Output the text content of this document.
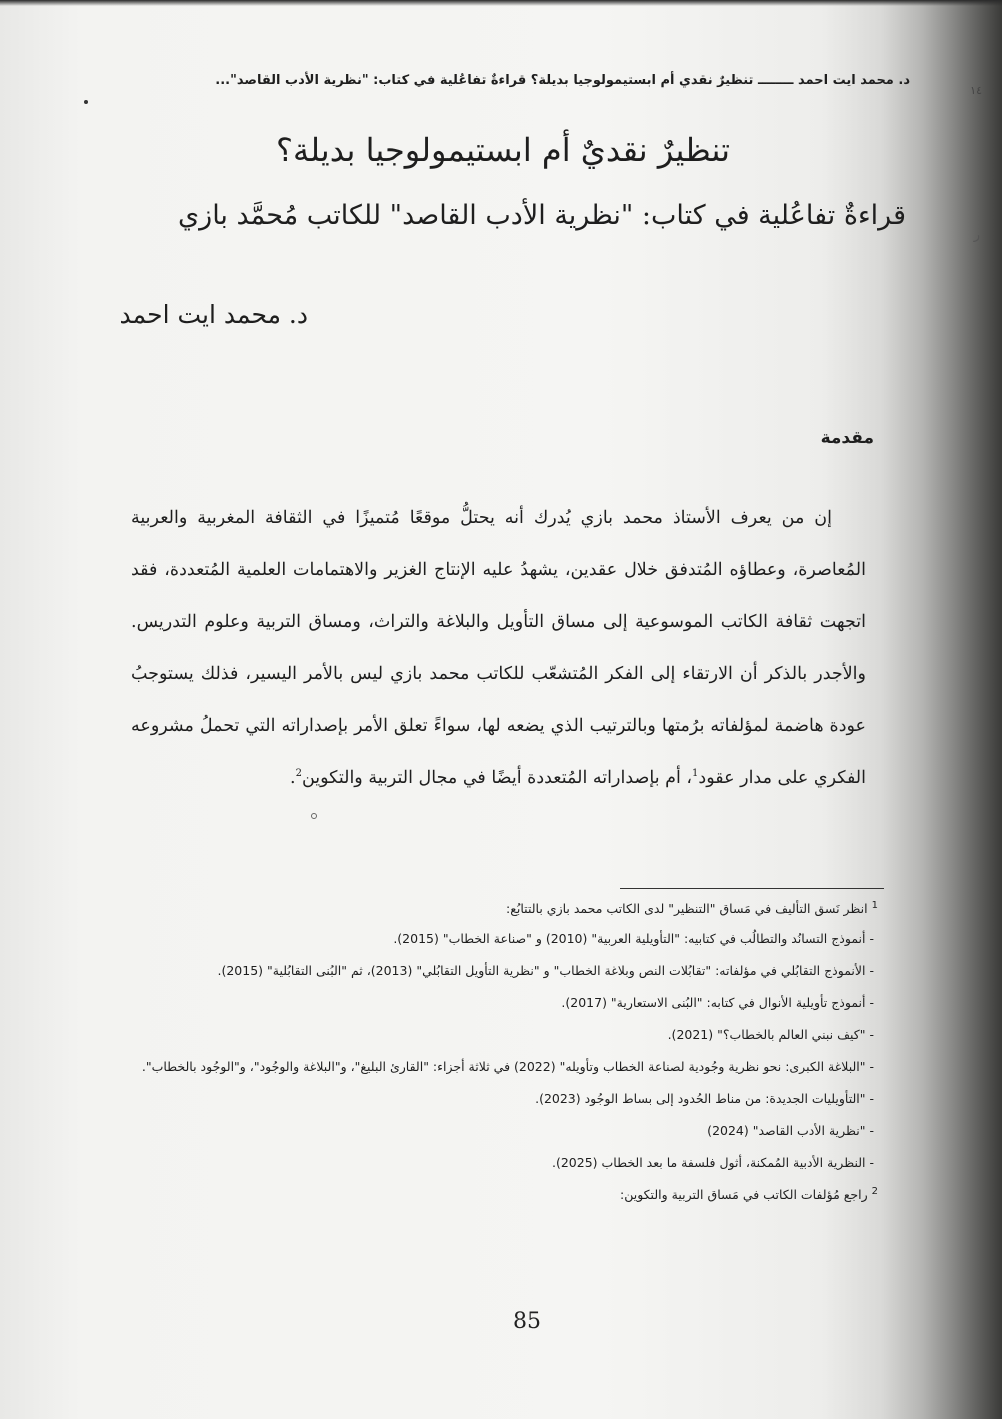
د. محمد ايت احمد ــــــــ تنظيرٌ نقدي أم ابستيمولوجيا بديلة؟ قراءةٌ تفاعُلية في كتاب: "نظرية الأدب القاصد"...
١٤
ر
تنظيرٌ نقديٌ أم ابستيمولوجيا بديلة؟
قراءةٌ تفاعُلية في كتاب: "نظرية الأدب القاصد" للكاتب مُحمَّد بازي
د. محمد ايت احمد
مقدمة

إن من يعرف الأستاذ محمد بازي يُدرك أنه يحتلُّ موقعًا مُتميزًا في الثقافة المغربية والعربية المُعاصرة، وعطاؤه المُتدفق خلال عقدين، يشهدُ عليه الإنتاج الغزير والاهتمامات العلمية المُتعددة، فقد اتجهت ثقافة الكاتب الموسوعية إلى مساق التأويل والبلاغة والتراث، ومساق التربية وعلوم التدريس. والأجدر بالذكر أن الارتقاء إلى الفكر المُتشعّب للكاتب محمد بازي ليس بالأمر اليسير، فذلك يستوجبُ عودة هاضمة لمؤلفاته برُمتها وبالترتيب الذي يضعه لها، سواءً تعلق الأمر بإصداراته التي تحملُ مشروعه الفكري على مدار عقود$^1$، أم بإصداراته المُتعددة أيضًا في مجال التربية والتكوين$^2$.

$^1$ انظر نَسق التأليف في مَساق "التنظير" لدى الكاتب محمد بازي بالتتابُع:
- أنموذج التسانُد والتطالُب في كتابيه: "التأويلية العربية" (2010) و "صناعة الخطاب" (2015).
- الأنموذج التقابُلي في مؤلفاته: "تقابُلات النص وبلاغة الخطاب" و "نظرية التأويل التقابُلي" (2013)، ثم "البُنى التقابُلية" (2015).
- أنموذج تأويلية الأنوال في كتابه: "البُنى الاستعارية" (2017).
- "كيف نبني العالم بالخطاب؟" (2021).
- "البلاغة الكبرى: نحو نظرية وجُودية لصناعة الخطاب وتأويله" (2022) في ثلاثة أجزاء: "القارئ البليغ"، و"البلاغة والوجُود"، و"الوجُود بالخطاب".
- "التأويليات الجديدة: من مناط الحُدود إلى بساط الوجُود (2023).
- "نظرية الأدب القاصد" (2024)
- النظرية الأدبية المُمكنة، أثول فلسفة ما بعد الخطاب (2025).
$^2$ راجع مُؤلفات الكاتب في مَساق التربية والتكوين:
85
